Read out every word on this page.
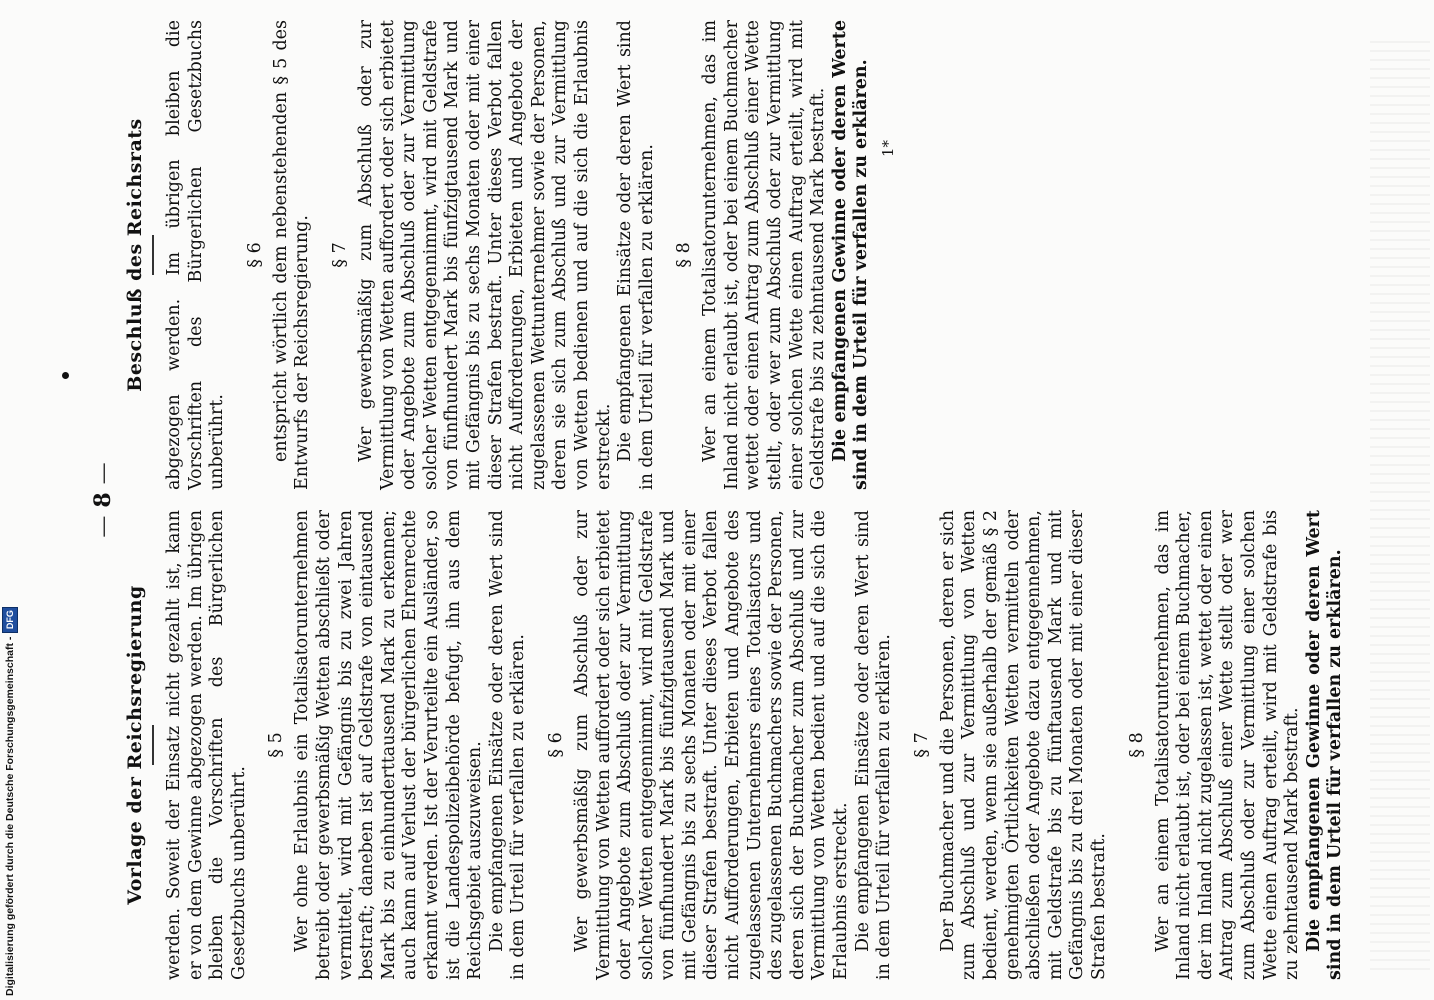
—8—
Vorlage der Reichsregierung werden. Soweit der Einsatz nicht gezahlt ist, kann er von dem Gewinne abgezogen werden. Im übrigen bleiben die Vorschriften des Bürgerlichen Gesetzbuchs unberührt.

§ 5 Wer ohne Erlaubnis ein Totalisatorunternehmen betreibt oder gewerbsmäßig Wetten abschließt oder vermittelt, wird mit Gefängnis bis zu zwei Jahren bestraft; daneben ist auf Geldstrafe von eintausend Mark bis zu einhunderttausend Mark zu erkennen; auch kann auf Verlust der bürgerlichen Ehrenrechte erkannt werden. Ist der Verurteilte ein Ausländer, so ist die Landespolizeibehörde befugt, ihn aus dem Reichsgebiet auszuweisen. Die empfangenen Einsätze oder deren Wert sind in dem Urteil für verfallen zu erklären. § 6 Wer gewerbsmäßig zum Abschluß oder zur Vermittlung von Wetten auffordert oder sich erbietet oder Angebote zum Abschluß oder zur Vermittlung solcher Wetten entgegennimmt, wird mit Geldstrafe von fünfhundert Mark bis fünfzigtausend Mark und mit Gefängnis bis zu sechs Monaten oder mit einer dieser Strafen bestraft. Unter dieses Verbot fallen nicht Aufforderungen, Erbieten und Angebote des zugelassenen Unternehmers eines Totalisators und des zugelassenen Buchmachers sowie der Personen, deren sich der Buchmacher zum Abschluß und zur Vermittlung von Wetten bedient und auf die sich die Erlaubnis erstreckt. Die empfangenen Einsätze oder deren Wert sind in dem Urteil für verfallen zu erklären. § 7 Der Buchmacher und die Personen, deren er sich zum Abschluß und zur Vermittlung von Wetten bedient, werden, wenn sie außerhalb der gemäß § 2 genehmigten Örtlichkeiten Wetten vermitteln oder abschließen oder Angebote dazu entgegennehmen, mit Geldstrafe bis zu fünftausend Mark und mit Gefängnis bis zu drei Monaten oder mit einer dieser Strafen bestraft.

§ 8 Wer an einem Totalisatorunternehmen, das im Inland nicht erlaubt ist, oder bei einem Buchmacher, der im Inland nicht zugelassen ist, wettet oder einen Antrag zum Abschluß einer Wette stellt oder wer zum Abschluß oder zur Vermittlung einer solchen Wette einen Auftrag erteilt, wird mit Geldstrafe bis zu zehntausend Mark bestraft. Die empfangenen Gewinne oder deren Wert sind in dem Urteil für verfallen zu erklären.

Beschluß des Reichsrats abgezogen werden. Im übrigen bleiben die Vorschriften des Bürgerlichen Gesetzbuchs unberührt.

§ 6 entspricht wörtlich dem nebenstehenden § 5 des Entwurfs der Reichsregierung. § 7 Wer gewerbsmäßig zum Abschluß oder zur Vermittlung von Wetten auffordert oder sich erbietet oder Angebote zum Abschluß oder zur Vermittlung solcher Wetten entgegennimmt, wird mit Geldstrafe von fünfhundert Mark bis fünfzigtausend Mark und mit Gefängnis bis zu sechs Monaten oder mit einer dieser Strafen bestraft. Unter dieses Verbot fallen nicht Aufforderungen, Erbieten und Angebote der zugelassenen Wettunternehmer sowie der Personen, deren sie sich zum Abschluß und zur Vermittlung von Wetten bedienen und auf die sich die Erlaubnis erstreckt. Die empfangenen Einsätze oder deren Wert sind in dem Urteil für verfallen zu erklären. § 8 Wer an einem Totalisatorunternehmen, das im Inland nicht erlaubt ist, oder bei einem Buchmacher wettet oder einen Antrag zum Abschluß einer Wette stellt, oder wer zum Abschluß oder zur Vermittlung einer solchen Wette einen Auftrag erteilt, wird mit Geldstrafe bis zu zehntausend Mark bestraft. Die empfangenen Gewinne oder deren Werte sind in dem Urteil für verfallen zu erklären. 1*
Digitalisierung gefördert durch die Deutsche Forschungsgemeinschaft -
DFG
